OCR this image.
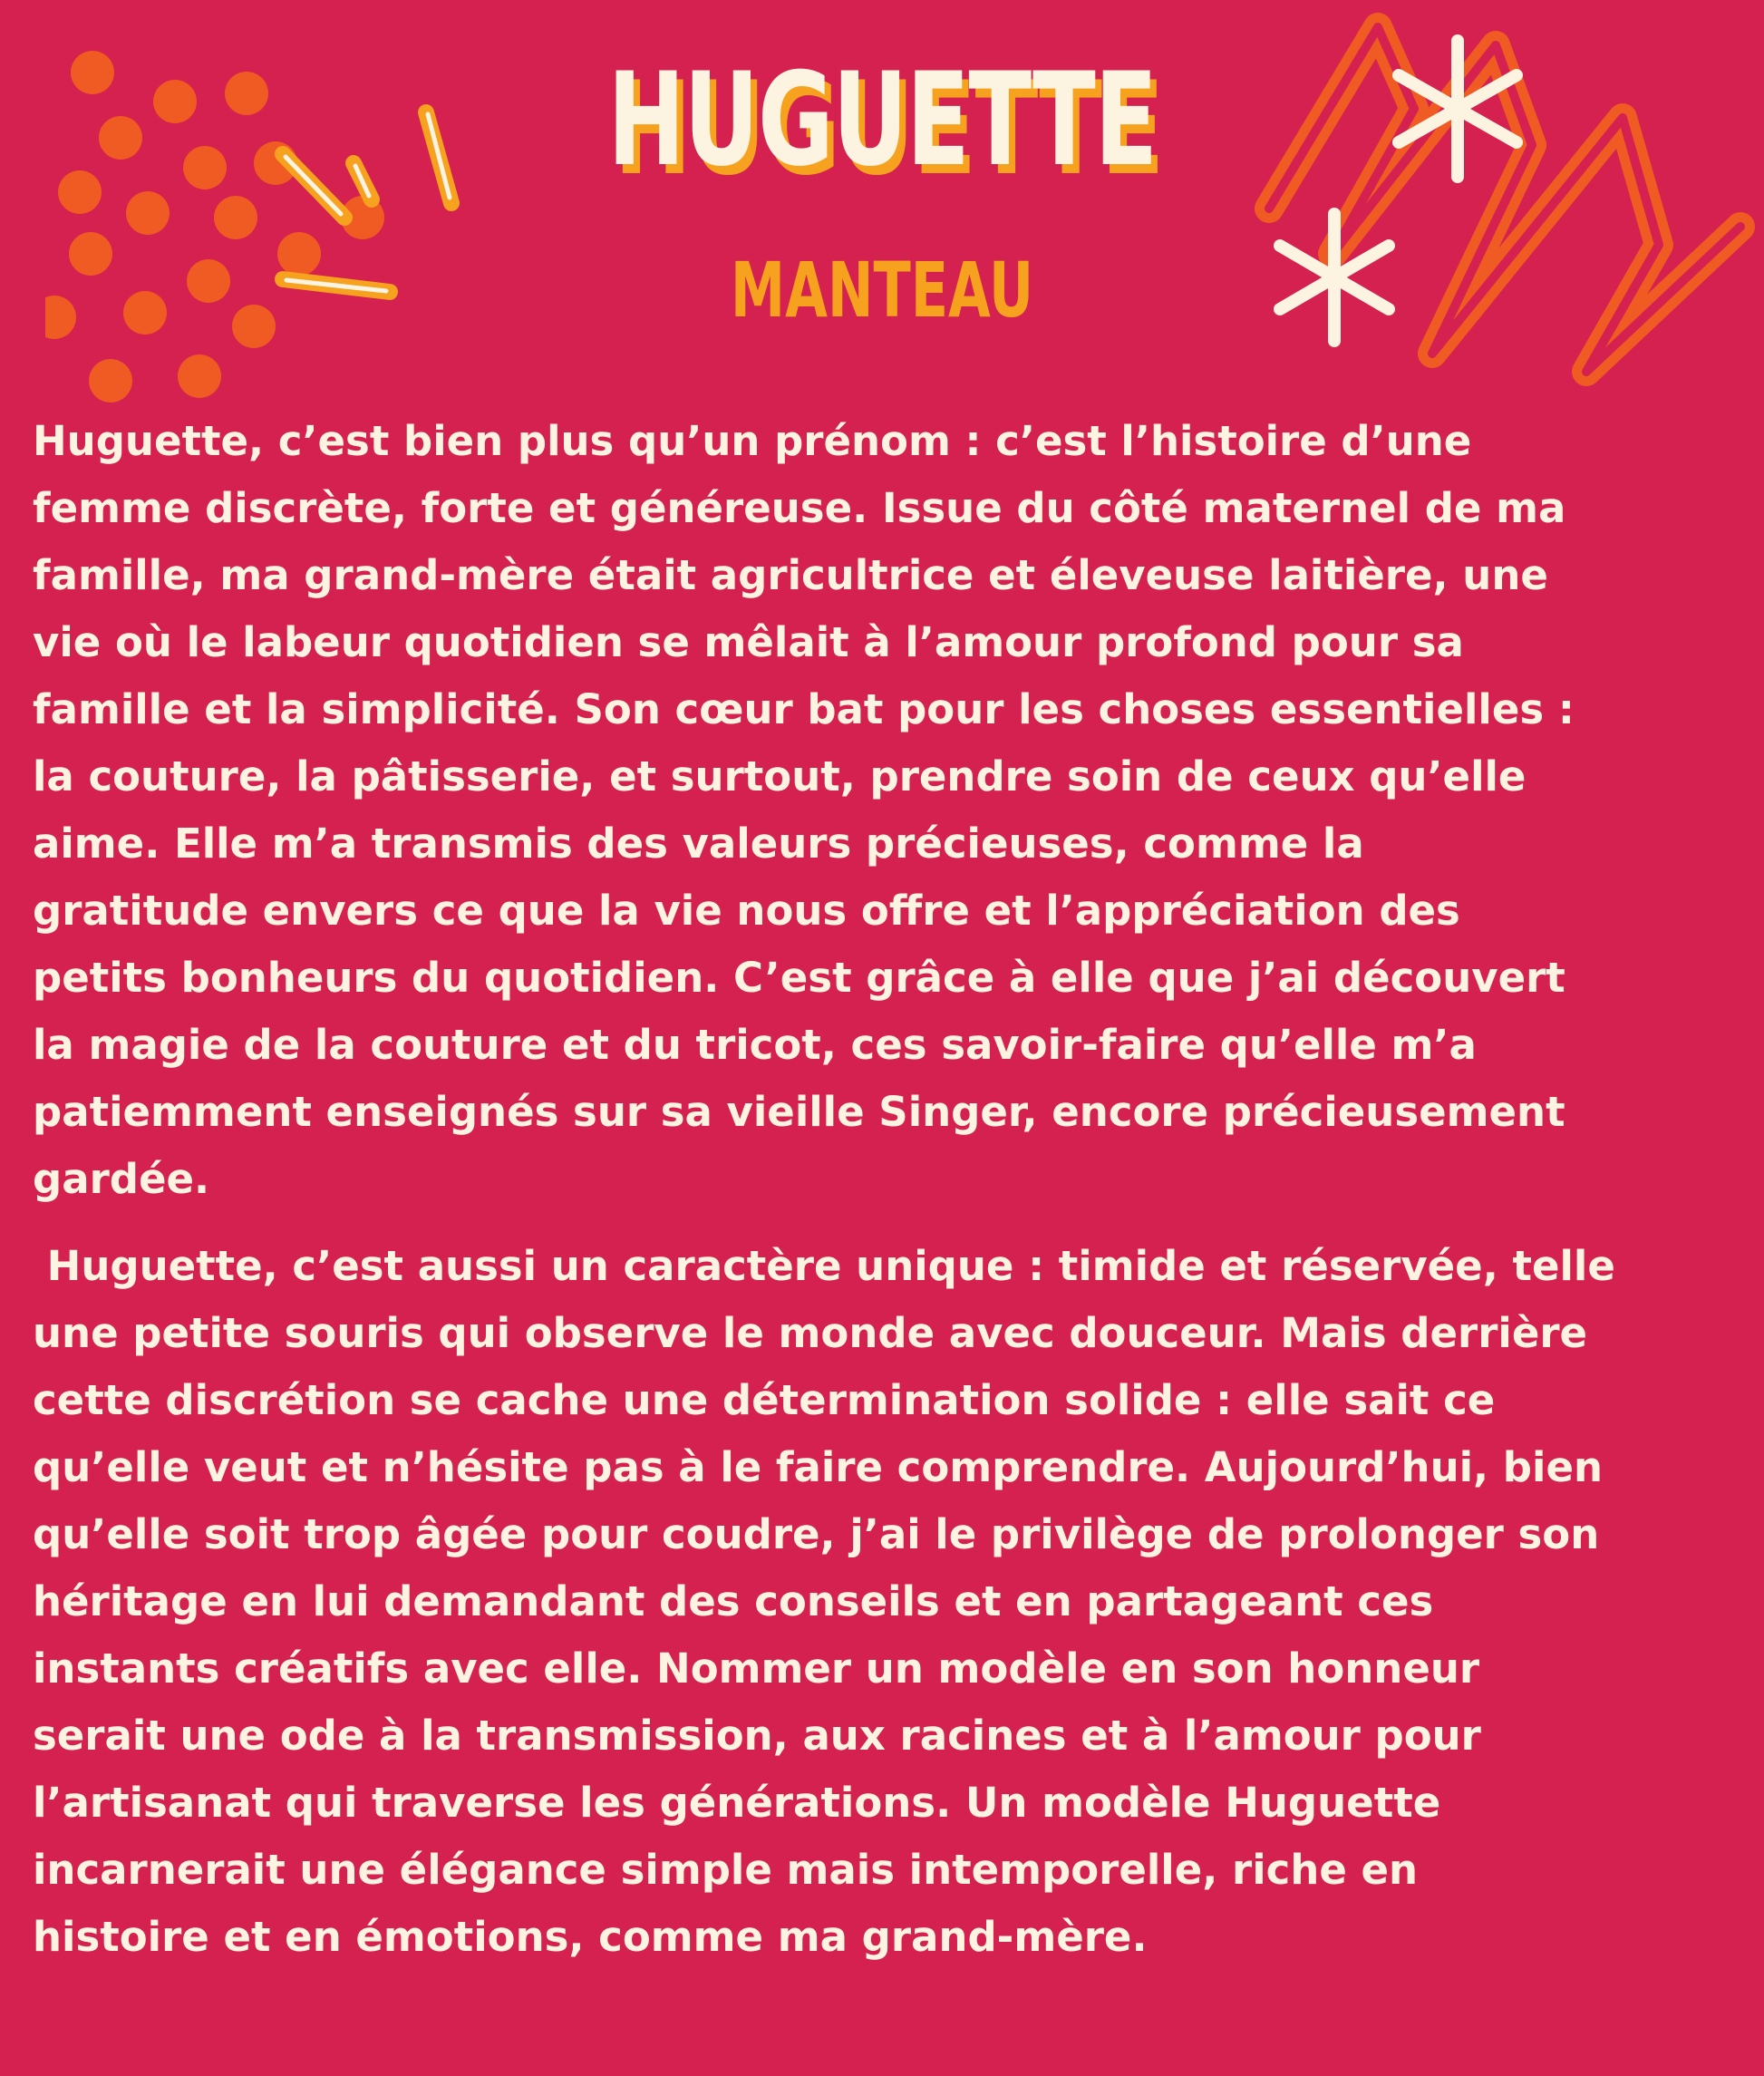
HUGUETTE
MANTEAU

Huguette, c’est bien plus qu’un prénom : c’est l’histoire d’une
femme discrète, forte et généreuse. Issue du côté maternel de ma
famille, ma grand-mère était agricultrice et éleveuse laitière, une
vie où le labeur quotidien se mêlait à l’amour profond pour sa
famille et la simplicité. Son cœur bat pour les choses essentielles :
la couture, la pâtisserie, et surtout, prendre soin de ceux qu’elle
aime. Elle m’a transmis des valeurs précieuses, comme la
gratitude envers ce que la vie nous offre et l’appréciation des
petits bonheurs du quotidien. C’est grâce à elle que j’ai découvert
la magie de la couture et du tricot, ces savoir-faire qu’elle m’a
patiemment enseignés sur sa vieille Singer, encore précieusement
gardée.

Huguette, c’est aussi un caractère unique : timide et réservée, telle
une petite souris qui observe le monde avec douceur. Mais derrière
cette discrétion se cache une détermination solide : elle sait ce
qu’elle veut et n’hésite pas à le faire comprendre. Aujourd’hui, bien
qu’elle soit trop âgée pour coudre, j’ai le privilège de prolonger son
héritage en lui demandant des conseils et en partageant ces
instants créatifs avec elle. Nommer un modèle en son honneur
serait une ode à la transmission, aux racines et à l’amour pour
l’artisanat qui traverse les générations. Un modèle Huguette
incarnerait une élégance simple mais intemporelle, riche en
histoire et en émotions, comme ma grand-mère.
